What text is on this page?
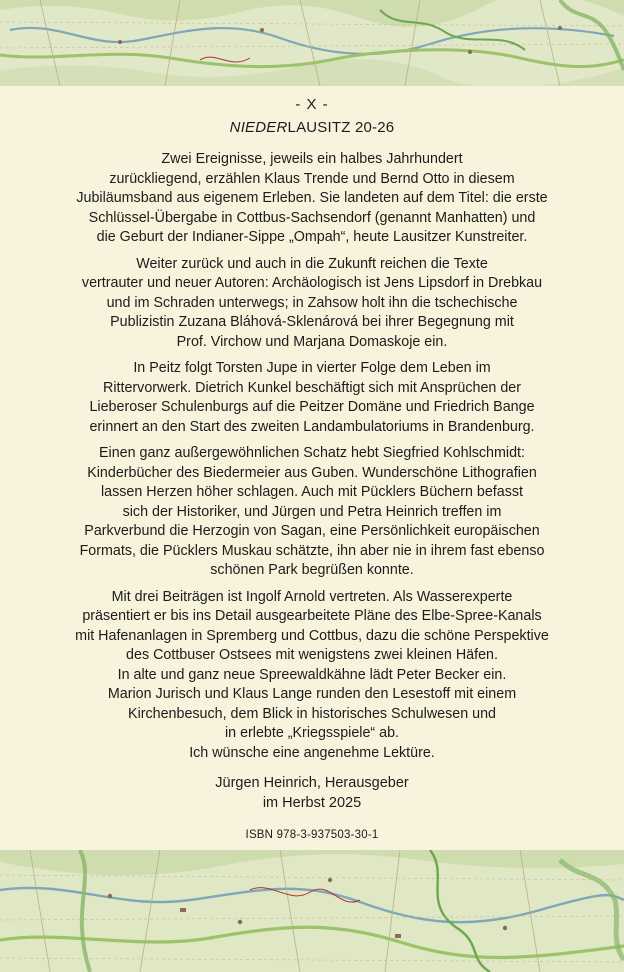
- X -
NIEDERLAUSITZ 20-26
Zwei Ereignisse, jeweils ein halbes Jahrhundert
zurückliegend, erzählen Klaus Trende und Bernd Otto in diesem
Jubiläumsband aus eigenem Erleben. Sie landeten auf dem Titel: die erste
Schlüssel-Übergabe in Cottbus-Sachsendorf (genannt Manhatten) und
die Geburt der Indianer-Sippe „Ompah“, heute Lausitzer Kunstreiter.
Weiter zurück und auch in die Zukunft reichen die Texte
vertrauter und neuer Autoren: Archäologisch ist Jens Lipsdorf in Drebkau
und im Schraden unterwegs; in Zahsow holt ihn die tschechische
Publizistin Zuzana Bláhová-Sklenárová bei ihrer Begegnung mit
Prof. Virchow und Marjana Domaskoje ein.
In Peitz folgt Torsten Jupe in vierter Folge dem Leben im
Rittervorwerk. Dietrich Kunkel beschäftigt sich mit Ansprüchen der
Lieberoser Schulenburgs auf die Peitzer Domäne und Friedrich Bange
erinnert an den Start des zweiten Landambulatoriums in Brandenburg.
Einen ganz außergewöhnlichen Schatz hebt Siegfried Kohlschmidt:
Kinderbücher des Biedermeier aus Guben. Wunderschöne Lithografien
lassen Herzen höher schlagen. Auch mit Pücklers Büchern befasst
sich der Historiker, und Jürgen und Petra Heinrich treffen im
Parkverbund die Herzogin von Sagan, eine Persönlichkeit europäischen
Formats, die Pücklers Muskau schätzte, ihn aber nie in ihrem fast ebenso
schönen Park begrüßen konnte.
Mit drei Beiträgen ist Ingolf Arnold vertreten. Als Wasserexperte
präsentiert er bis ins Detail ausgearbeitete Pläne des Elbe-Spree-Kanals
mit Hafenanlagen in Spremberg und Cottbus, dazu die schöne Perspektive
des Cottbuser Ostsees mit wenigstens zwei kleinen Häfen.
In alte und ganz neue Spreewaldkähne lädt Peter Becker ein.
Marion Jurisch und Klaus Lange runden den Lesestoff mit einem
Kirchenbesuch, dem Blick in historisches Schulwesen und
in erlebte „Kriegsspiele“ ab.
Ich wünsche eine angenehme Lektüre.
Jürgen Heinrich, Herausgeber
im Herbst 2025
ISBN 978-3-937503-30-1
